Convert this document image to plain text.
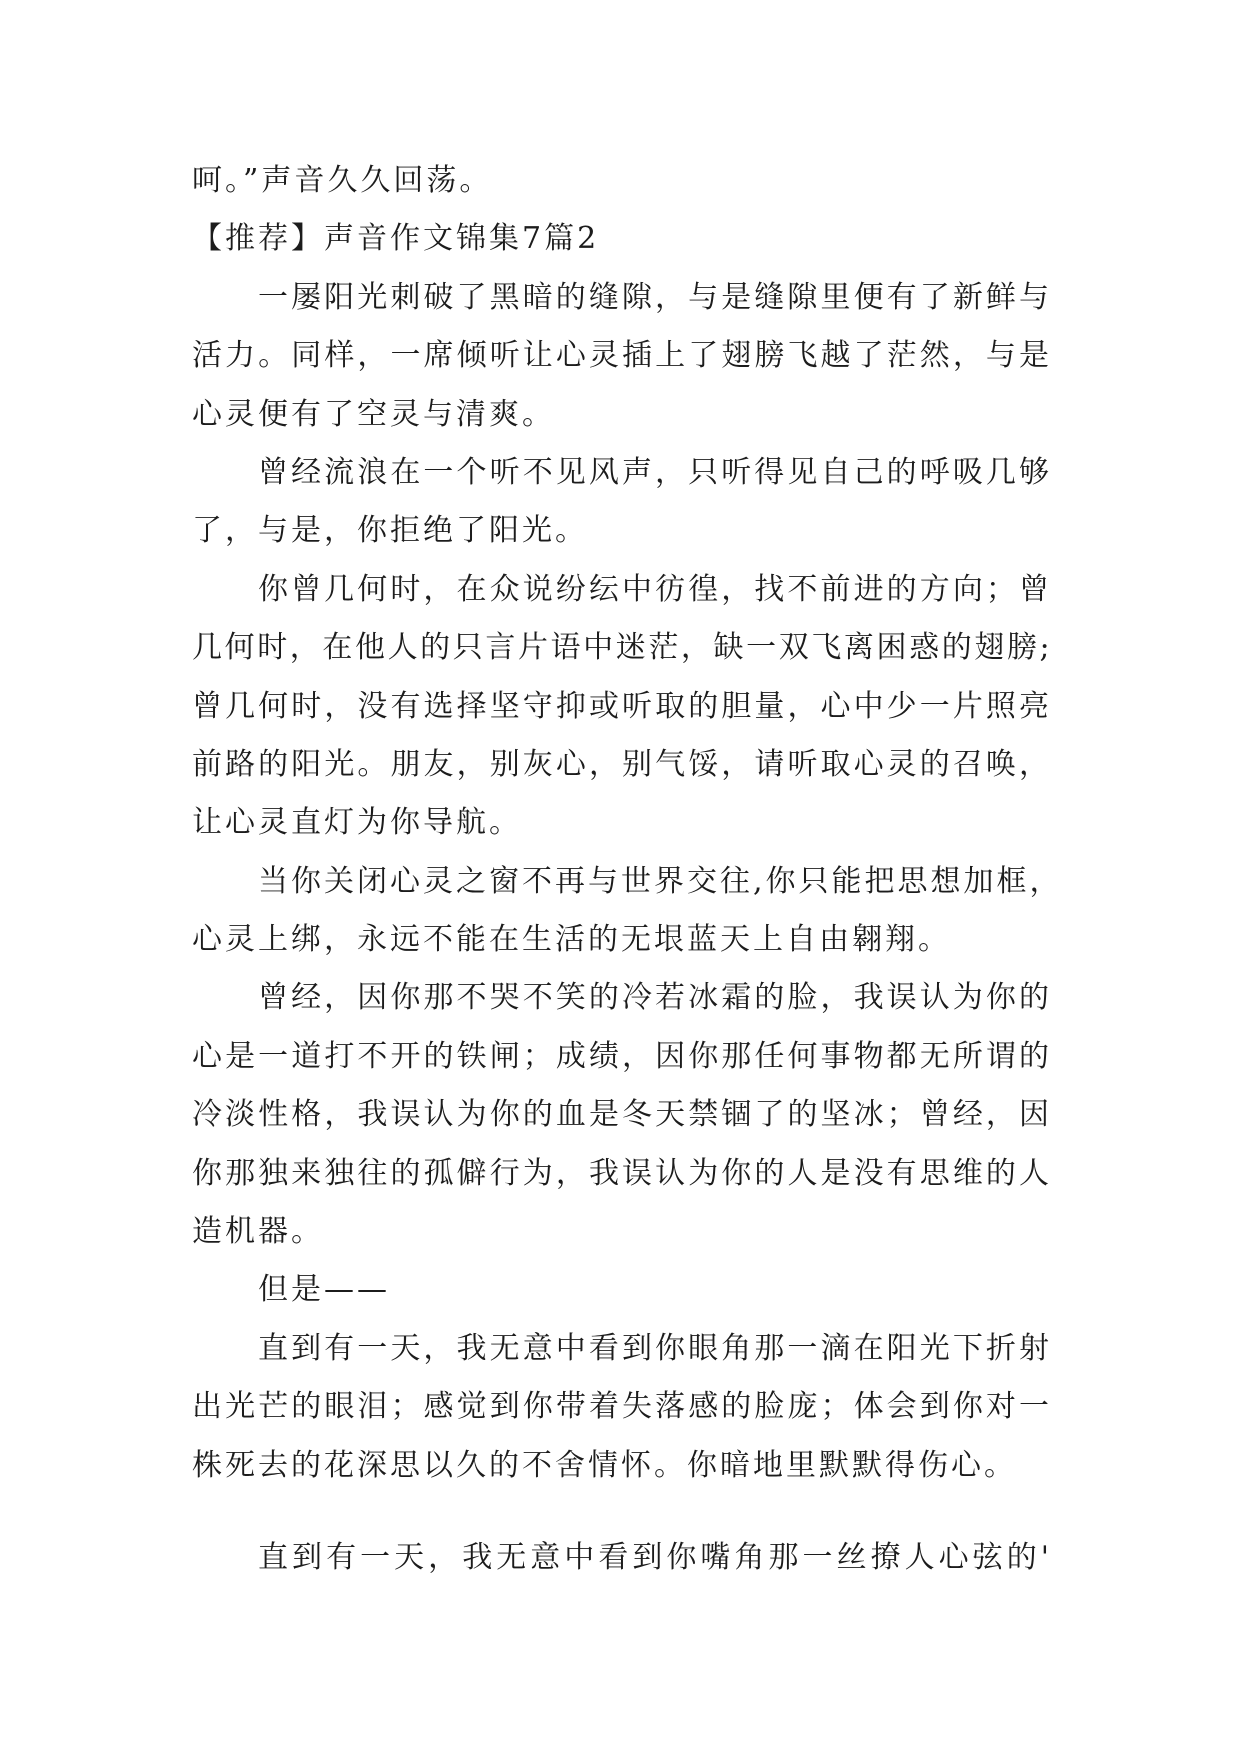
呵。”声音久久回荡。
【推荐】声音作文锦集7篇2
一屡阳光刺破了黑暗的缝隙，与是缝隙里便有了新鲜与
活力。同样，一席倾听让心灵插上了翅膀飞越了茫然，与是
心灵便有了空灵与清爽。
曾经流浪在一个听不见风声，只听得见自己的呼吸几够
了，与是，你拒绝了阳光。
你曾几何时，在众说纷纭中彷徨，找不前进的方向；曾
几何时，在他人的只言片语中迷茫，缺一双飞离困惑的翅膀;
曾几何时，没有选择坚守抑或听取的胆量，心中少一片照亮
前路的阳光。朋友，别灰心，别气馁，请听取心灵的召唤，
让心灵直灯为你导航。
当你关闭心灵之窗不再与世界交往,你只能把思想加框，
心灵上绑，永远不能在生活的无垠蓝天上自由翱翔。
曾经，因你那不哭不笑的冷若冰霜的脸，我误认为你的
心是一道打不开的铁闸；成绩，因你那任何事物都无所谓的
冷淡性格，我误认为你的血是冬天禁锢了的坚冰；曾经，因
你那独来独往的孤僻行为，我误认为你的人是没有思维的人
造机器。
但是——
直到有一天，我无意中看到你眼角那一滴在阳光下折射
出光芒的眼泪；感觉到你带着失落感的脸庞；体会到你对一
株死去的花深思以久的不舍情怀。你暗地里默默得伤心。
直到有一天，我无意中看到你嘴角那一丝撩人心弦的'
